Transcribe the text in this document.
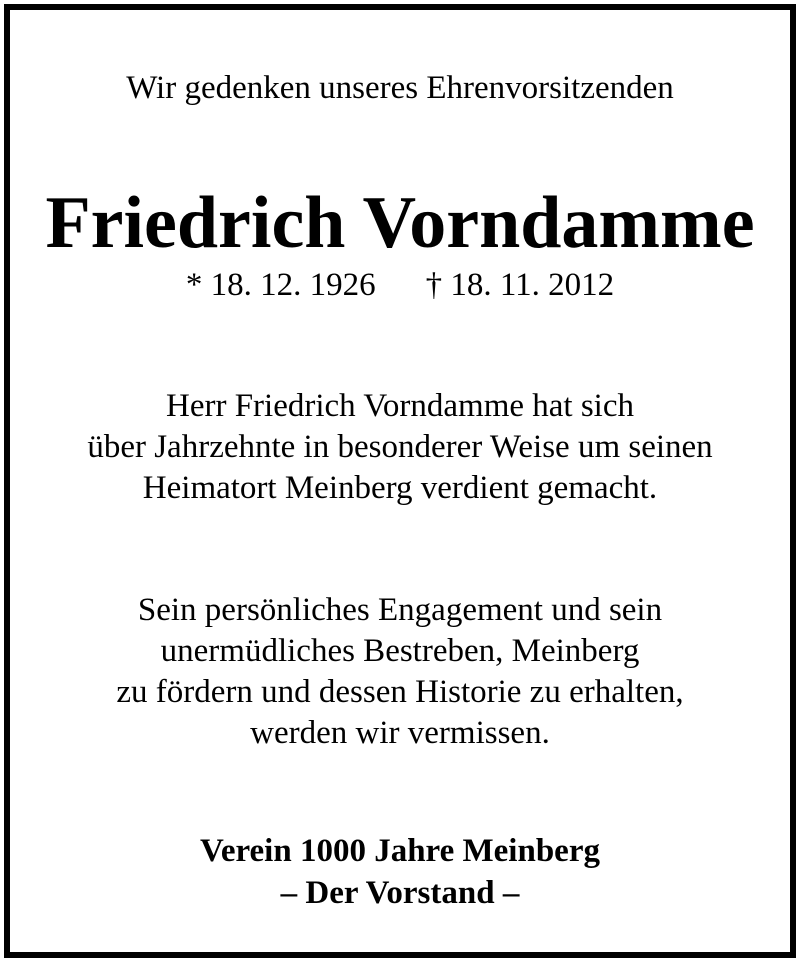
Wir gedenken unseres Ehrenvorsitzenden
Friedrich Vorndamme
* 18. 12. 1926 † 18. 11. 2012
Herr Friedrich Vorndamme hat sich
über Jahrzehnte in besonderer Weise um seinen
Heimatort Meinberg verdient gemacht.
Sein persönliches Engagement und sein
unermüdliches Bestreben, Meinberg
zu fördern und dessen Historie zu erhalten,
werden wir vermissen.
Verein 1000 Jahre Meinberg
– Der Vorstand –
